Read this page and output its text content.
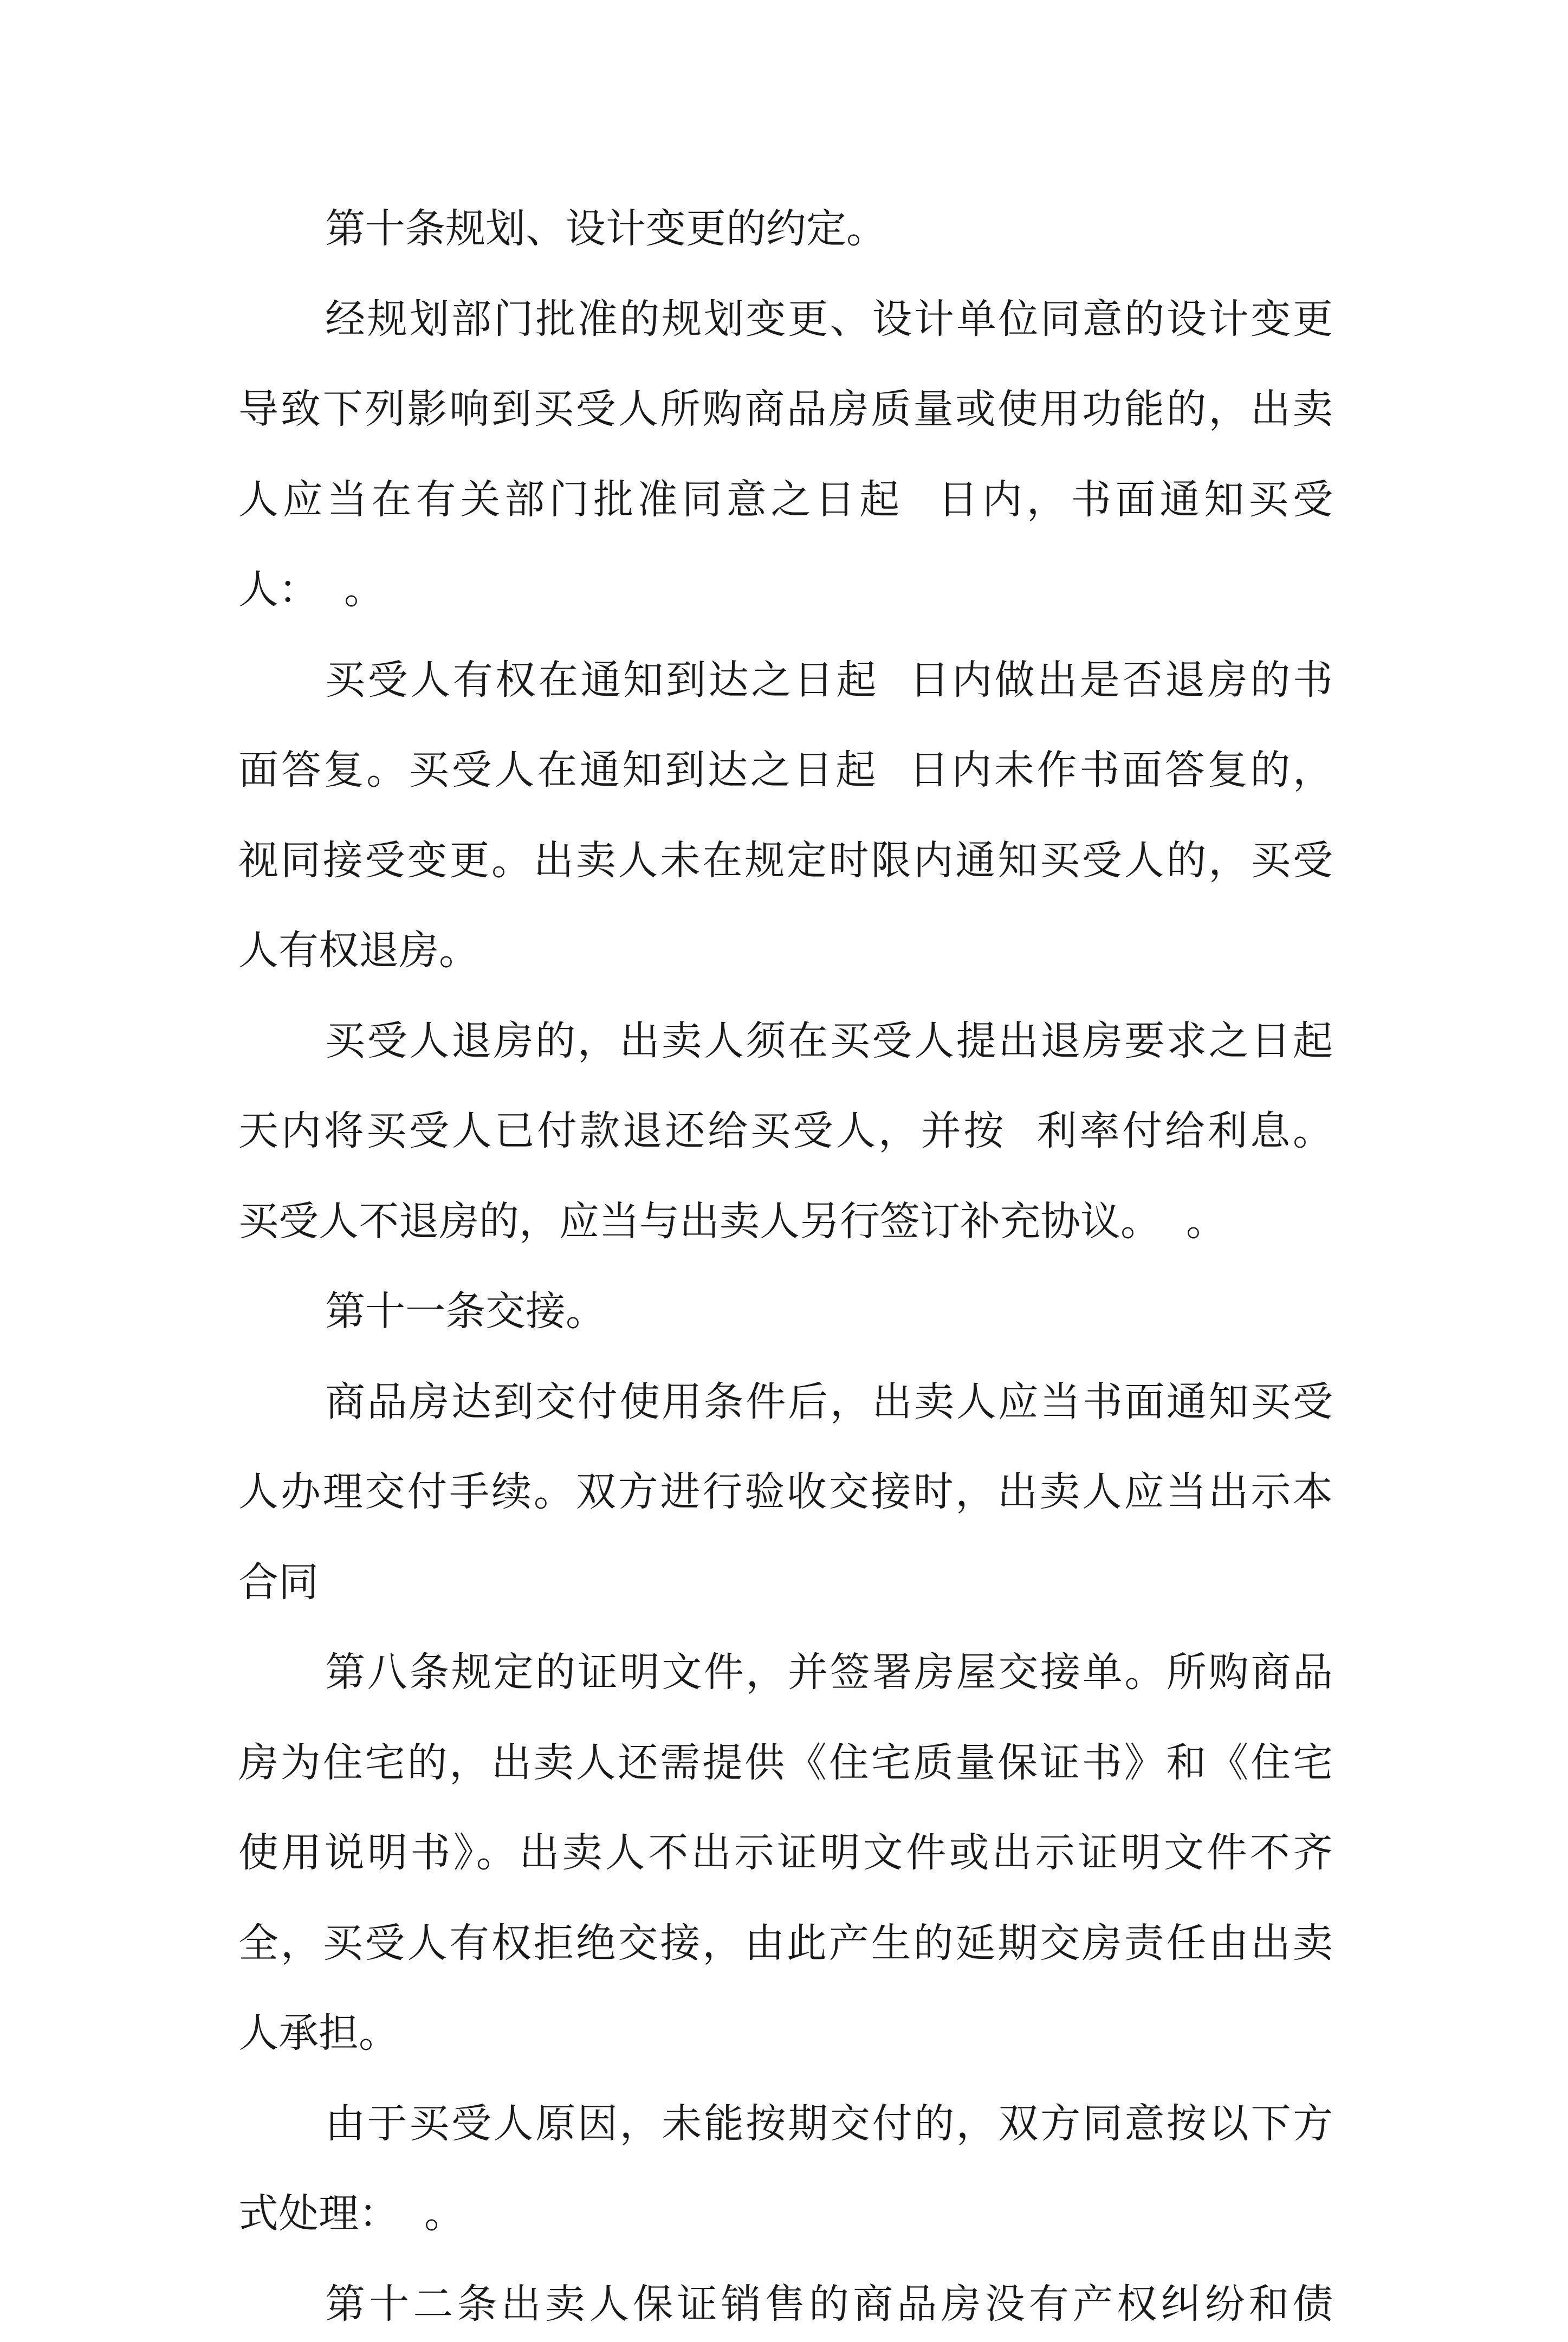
第十条规划、设计变更的约定。
经规划部门批准的规划变更、设计单位同意的设计变更
导致下列影响到买受人所购商品房质量或使用功能的，出卖
人应当在有关部门批准同意之日起  日内，书面通知买受
人：  。
买受人有权在通知到达之日起  日内做出是否退房的书
面答复。买受人在通知到达之日起  日内未作书面答复的，
视同接受变更。出卖人未在规定时限内通知买受人的，买受
人有权退房。
买受人退房的，出卖人须在买受人提出退房要求之日起
天内将买受人已付款退还给买受人，并按  利率付给利息。
买受人不退房的，应当与出卖人另行签订补充协议。  。
第十一条交接。
商品房达到交付使用条件后，出卖人应当书面通知买受
人办理交付手续。双方进行验收交接时，出卖人应当出示本
合同
第八条规定的证明文件，并签署房屋交接单。所购商品
房为住宅的，出卖人还需提供《住宅质量保证书》和《住宅
使用说明书》。出卖人不出示证明文件或出示证明文件不齐
全，买受人有权拒绝交接，由此产生的延期交房责任由出卖
人承担。
由于买受人原因，未能按期交付的，双方同意按以下方
式处理：  。
第十二条出卖人保证销售的商品房没有产权纠纷和债
